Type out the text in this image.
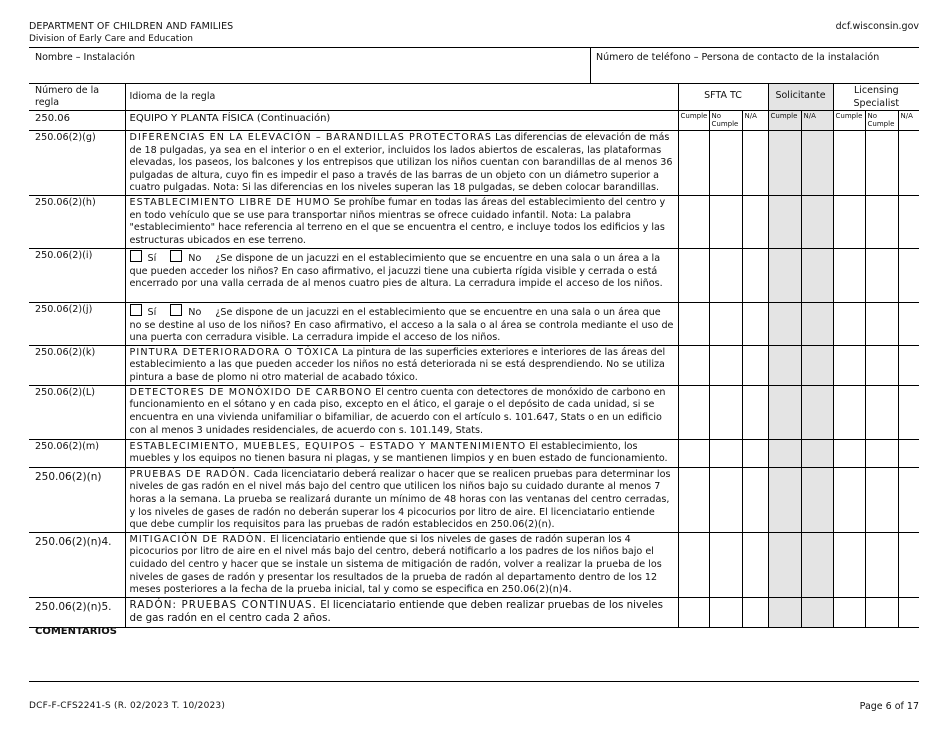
DEPARTMENT OF CHILDREN AND FAMILIES
Division of Early Care and Education
dcf.wisconsin.gov
Nombre – Instalación	Número de teléfono – Persona de contacto de la instalación
Número de la regla	Idioma de la regla	SFTA TC			Solicitante		Licensing Specialist		
250.06	EQUIPO Y PLANTA FÍSICA (Continuación)	Cumple	No Cumple	N/A	Cumple	N/A	Cumple	No Cumple	N/A
250.06(2)(g)	DIFERENCIAS EN LA ELEVACIÓN – BARANDILLAS PROTECTORAS Las diferencias de elevación de más de 18 pulgadas, ya sea en el interior o en el exterior, incluidos los lados abiertos de escaleras, las plataformas elevadas, los paseos, los balcones y los entrepisos que utilizan los niños cuentan con barandillas de al menos 36 pulgadas de altura, cuyo fin es impedir el paso a través de las barras de un objeto con un diámetro superior a cuatro pulgadas. Nota: Si las diferencias en los niveles superan las 18 pulgadas, se deben colocar barandillas.								
250.06(2)(h)	ESTABLECIMIENTO LIBRE DE HUMO Se prohíbe fumar en todas las áreas del establecimiento del centro y en todo vehículo que se use para transportar niños mientras se ofrece cuidado infantil. Nota: La palabra "establecimiento" hace referencia al terreno en el que se encuentra el centro, e incluye todos los edificios y las estructuras ubicados en ese terreno.								
250.06(2)(i)	Sí No ¿Se dispone de un jacuzzi en el establecimiento que se encuentre en una sala o un área a la que pueden acceder los niños? En caso afirmativo, el jacuzzi tiene una cubierta rígida visible y cerrada o está encerrado por una valla cerrada de al menos cuatro pies de altura. La cerradura impide el acceso de los niños.								
250.06(2)(j)	Sí No ¿Se dispone de un jacuzzi en el establecimiento que se encuentre en una sala o un área que no se destine al uso de los niños? En caso afirmativo, el acceso a la sala o al área se controla mediante el uso de una puerta con cerradura visible. La cerradura impide el acceso de los niños.								
250.06(2)(k)	PINTURA DETERIORADORA O TÓXICA La pintura de las superficies exteriores e interiores de las áreas del establecimiento a las que pueden acceder los niños no está deteriorada ni se está desprendiendo. No se utiliza pintura a base de plomo ni otro material de acabado tóxico.								
250.06(2)(L)	DETECTORES DE MONÓXIDO DE CARBONO El centro cuenta con detectores de monóxido de carbono en funcionamiento en el sótano y en cada piso, excepto en el ático, el garaje o el depósito de cada unidad, si se encuentra en una vivienda unifamiliar o bifamiliar, de acuerdo con el artículo s. 101.647, Stats o en un edificio con al menos 3 unidades residenciales, de acuerdo con s. 101.149, Stats.								
250.06(2)(m)	ESTABLECIMIENTO, MUEBLES, EQUIPOS – ESTADO Y MANTENIMIENTO El establecimiento, los muebles y los equipos no tienen basura ni plagas, y se mantienen limpios y en buen estado de funcionamiento.								
250.06(2)(n)	PRUEBAS DE RADÓN. Cada licenciatario deberá realizar o hacer que se realicen pruebas para determinar los niveles de gas radón en el nivel más bajo del centro que utilicen los niños bajo su cuidado durante al menos 7 horas a la semana. La prueba se realizará durante un mínimo de 48 horas con las ventanas del centro cerradas, y los niveles de gases de radón no deberán superar los 4 picocurios por litro de aire. El licenciatario entiende que debe cumplir los requisitos para las pruebas de radón establecidos en 250.06(2)(n).								
250.06(2)(n)4.	MITIGACIÓN DE RADÓN. El licenciatario entiende que si los niveles de gases de radón superan los 4 picocurios por litro de aire en el nivel más bajo del centro, deberá notificarlo a los padres de los niños bajo el cuidado del centro y hacer que se instale un sistema de mitigación de radón, volver a realizar la prueba de los niveles de gases de radón y presentar los resultados de la prueba de radón al departamento dentro de los 12 meses posteriores a la fecha de la prueba inicial, tal y como se especifica en 250.06(2)(n)4.								
250.06(2)(n)5.	RADÓN: PRUEBAS CONTINUAS. El licenciatario entiende que deben realizar pruebas de los niveles de gas radón en el centro cada 2 años.								
COMENTARIOS
DCF-F-CFS2241-S (R. 02/2023 T. 10/2023)	Page 6 of 17
